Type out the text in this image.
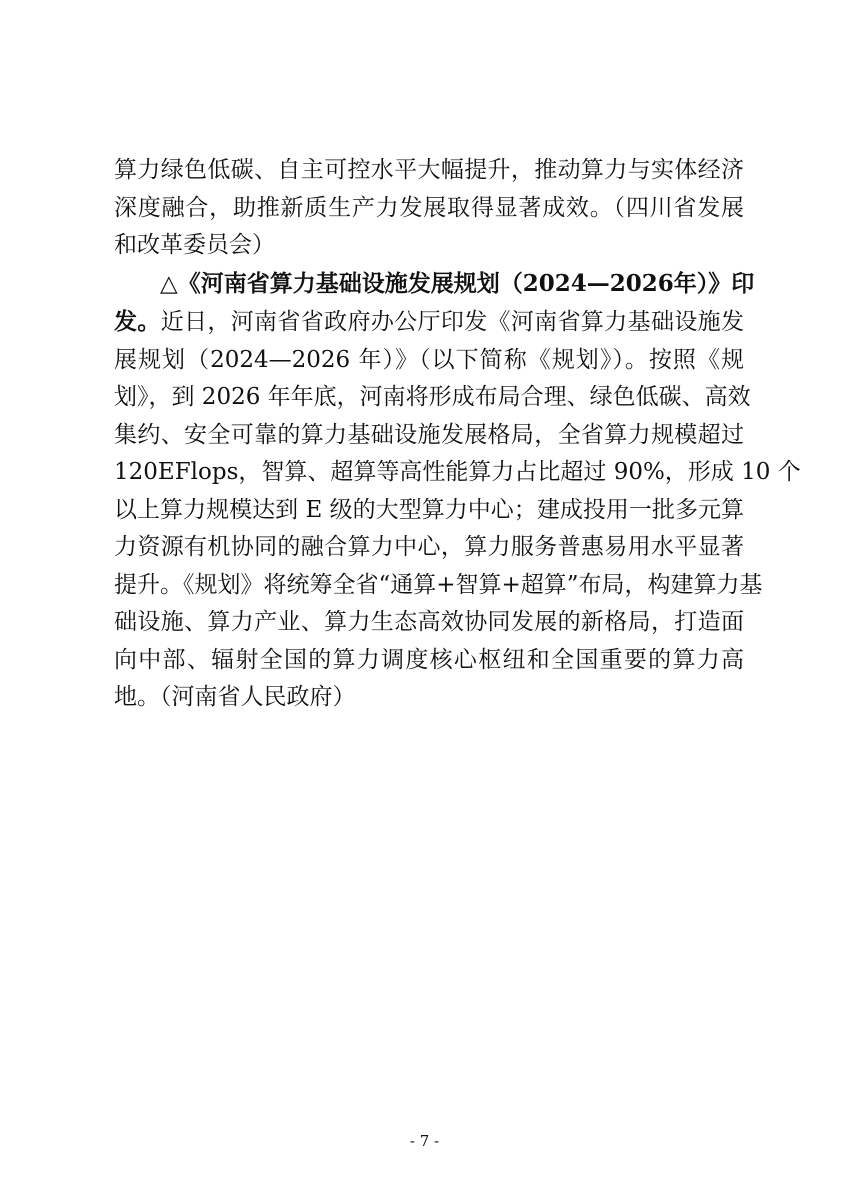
算力绿色低碳、自主可控水平大幅提升，推动算力与实体经济
深度融合，助推新质生产力发展取得显著成效。（四川省发展
和改革委员会）
△《河南省算力基础设施发展规划（2024—2026年）》印
发。近日，河南省省政府办公厅印发《河南省算力基础设施发
展规划（2024—2026 年）》（以下简称《规划》）。按照《规
划》，到 2026 年年底，河南将形成布局合理、绿色低碳、高效
集约、安全可靠的算力基础设施发展格局，全省算力规模超过
120EFlops，智算、超算等高性能算力占比超过 90%，形成 10 个
以上算力规模达到 E 级的大型算力中心；建成投用一批多元算
力资源有机协同的融合算力中心，算力服务普惠易用水平显著
提升。《规划》将统筹全省“通算+智算+超算”布局，构建算力基
础设施、算力产业、算力生态高效协同发展的新格局，打造面
向中部、辐射全国的算力调度核心枢纽和全国重要的算力高
地。（河南省人民政府）
- 7 -
